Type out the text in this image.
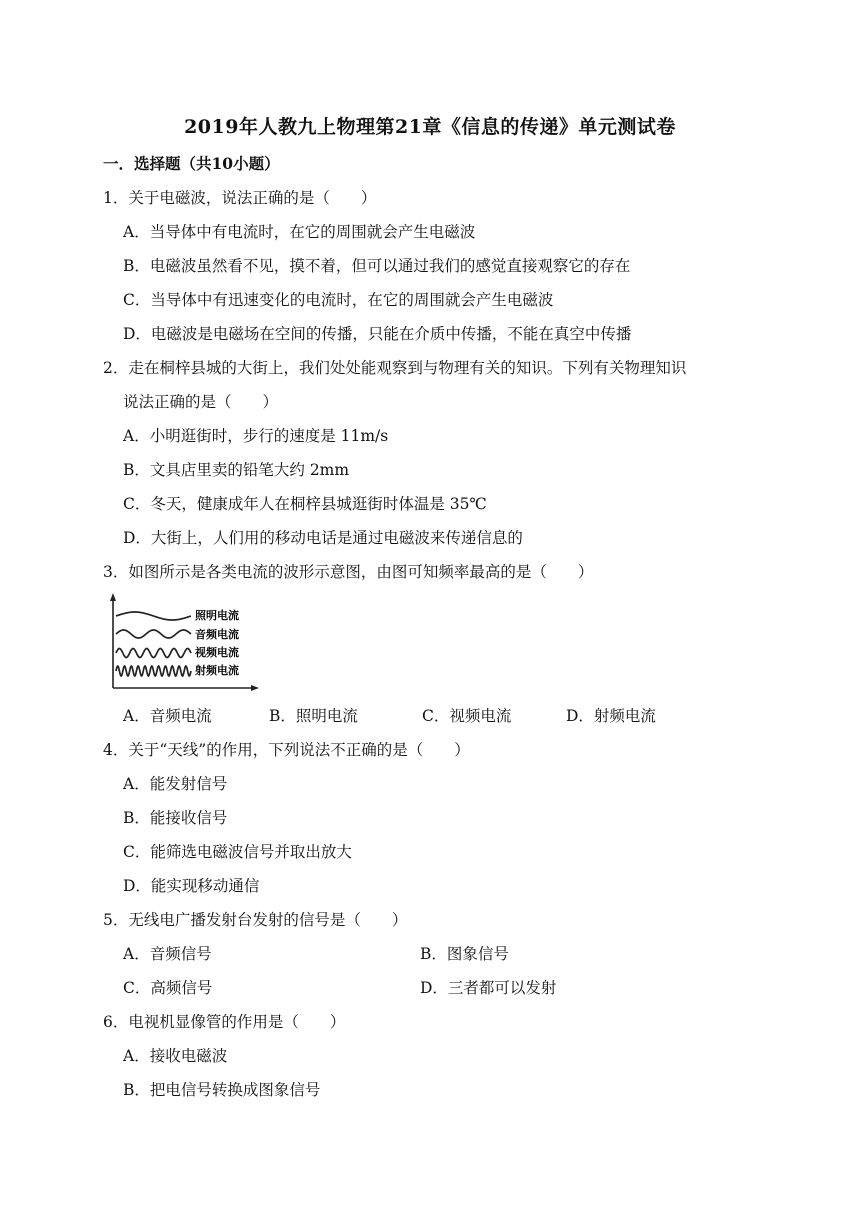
2019年人教九上物理第21章《信息的传递》单元测试卷
一．选择题（共10小题）
1．关于电磁波，说法正确的是（　　）
A．当导体中有电流时，在它的周围就会产生电磁波
B．电磁波虽然看不见，摸不着，但可以通过我们的感觉直接观察它的存在
C．当导体中有迅速变化的电流时，在它的周围就会产生电磁波
D．电磁波是电磁场在空间的传播，只能在介质中传播，不能在真空中传播
2．走在桐梓县城的大街上，我们处处能观察到与物理有关的知识。下列有关物理知识
说法正确的是（　　）
A．小明逛街时，步行的速度是 11m/s
B．文具店里卖的铅笔大约 2mm
C．冬天，健康成年人在桐梓县城逛街时体温是 35℃
D．大街上，人们用的移动电话是通过电磁波来传递信息的
3．如图所示是各类电流的波形示意图，由图可知频率最高的是（　　）
照明电流
音频电流
视频电流
射频电流
A．音频电流	B．照明电流	C．视频电流	D．射频电流
4．关于“天线”的作用，下列说法不正确的是（　　）
A．能发射信号
B．能接收信号
C．能筛选电磁波信号并取出放大
D．能实现移动通信
5．无线电广播发射台发射的信号是（　　）
A．音频信号	B．图象信号
C．高频信号	D．三者都可以发射
6．电视机显像管的作用是（　　）
A．接收电磁波
B．把电信号转换成图象信号
